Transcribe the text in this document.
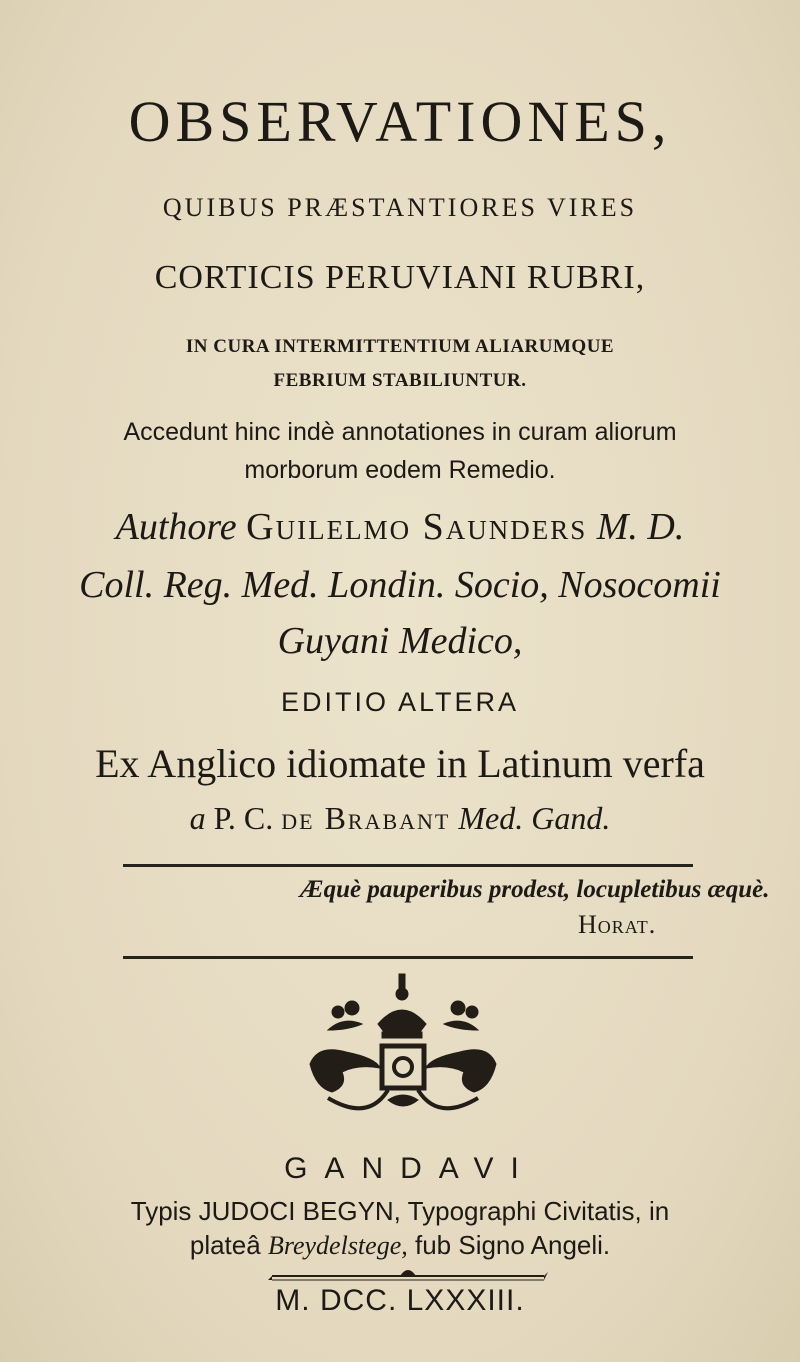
OBSERVATIONES,
QUIBUS PRÆSTANTIORES VIRES
CORTICIS PERUVIANI RUBRI,
IN CURA INTERMITTENTIUM ALIARUMQUE
FEBRIUM STABILIUNTUR.
Accedunt hinc indè annotationes in curam aliorum
morborum eodem Remedio.
Authore Guilelmo Saunders M. D.
Coll. Reg. Med. Londin. Socio, Nosocomii
Guyani Medico,
EDITIO ALTERA
Ex Anglico idiomate in Latinum verfa
a P. C. de Brabant Med. Gand.
Æquè pauperibus prodest, locupletibus æquè.
Horat.
GANDAVI
Typis JUDOCI BEGYN, Typographi Civitatis, in
plateâ Breydelstege, fub Signo Angeli.
M. DCC. LXXXIII.
